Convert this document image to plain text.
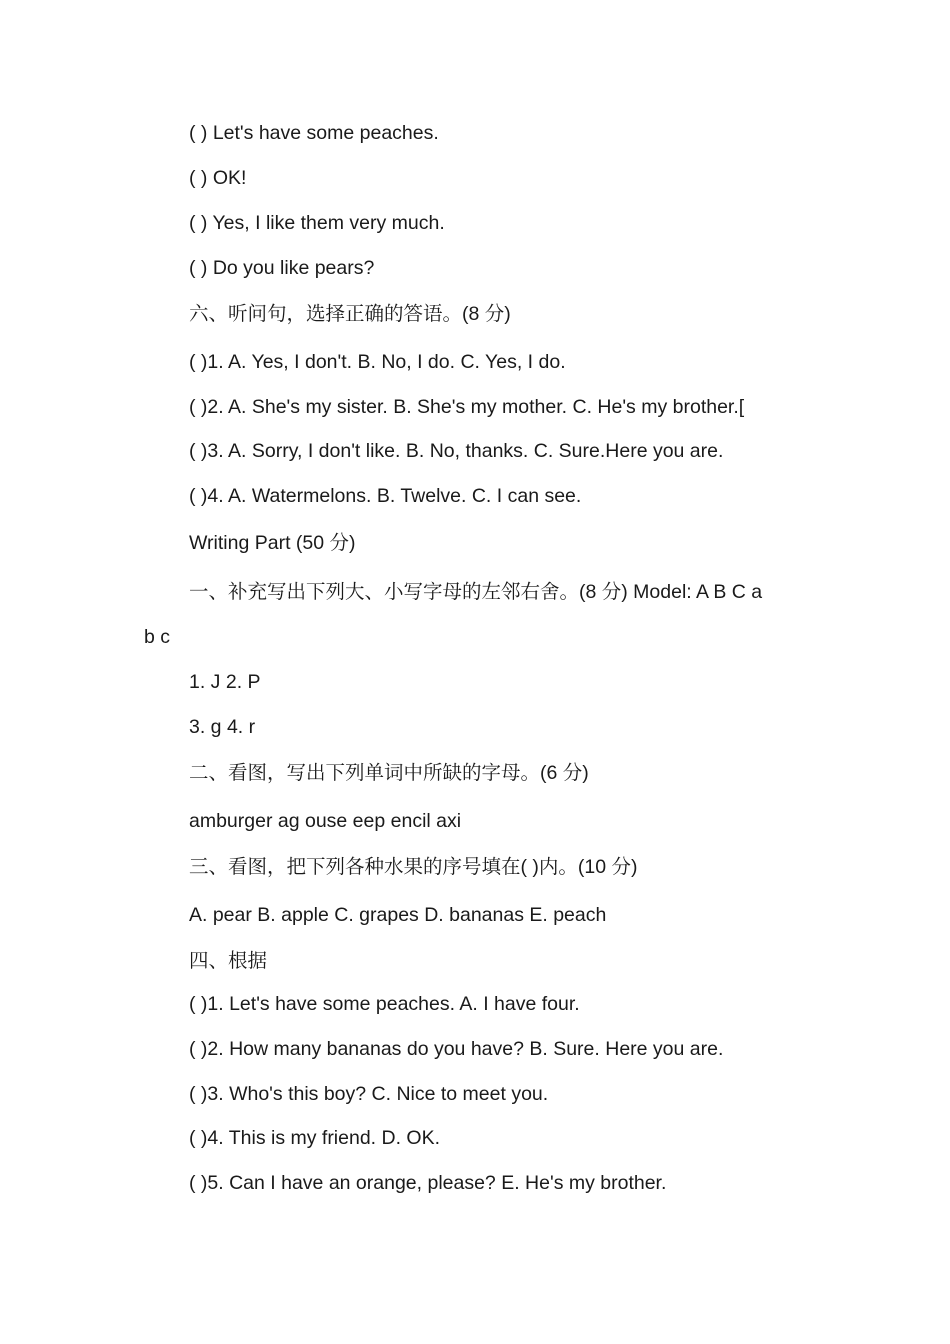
( ) Let's have some peaches.
( ) OK!
( ) Yes, I like them very much.
( ) Do you like pears?
六、听问句，选择正确的答语。(8 分)
( )1. A. Yes, I don't. B. No, I do. C. Yes, I do.
( )2. A. She's my sister. B. She's my mother. C. He's my brother.[
( )3. A. Sorry, I don't like. B. No, thanks. C. Sure.Here you are.
( )4. A. Watermelons. B. Twelve. C. I can see.
Writing Part (50 分)
一、补充写出下列大、小写字母的左邻右舍。(8 分) Model: A B C a
b c
1. J 2. P
3. g 4. r
二、看图，写出下列单词中所缺的字母。(6 分)
amburger ag ouse eep encil axi
三、看图，把下列各种水果的序号填在( )内。(10 分)
A. pear B. apple C. grapes D. bananas E. peach
四、根据
( )1. Let's have some peaches. A. I have four.
( )2. How many bananas do you have? B. Sure. Here you are.
( )3. Who's this boy? C. Nice to meet you.
( )4. This is my friend. D. OK.
( )5. Can I have an orange, please? E. He's my brother.
